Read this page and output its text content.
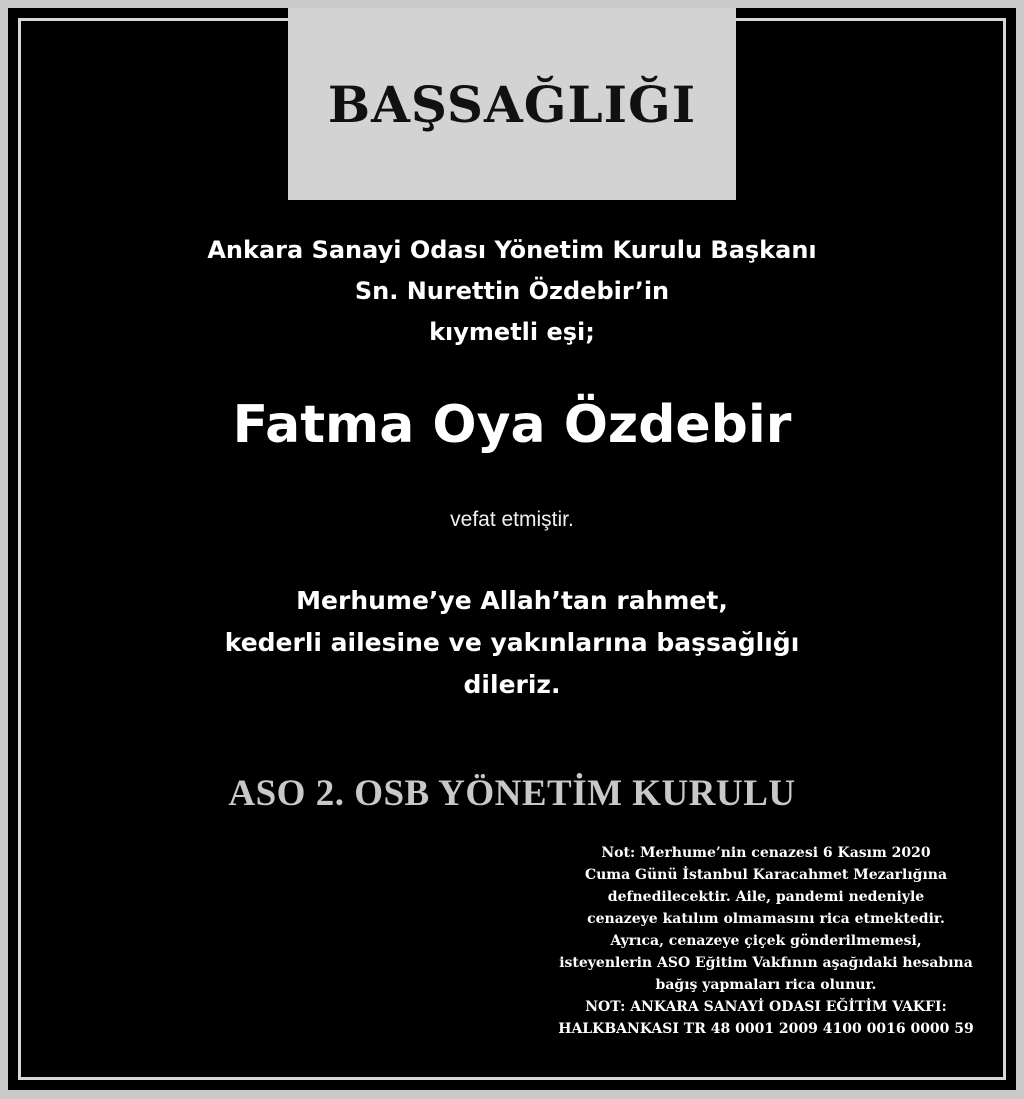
BAŞSAĞLIĞI
Ankara Sanayi Odası Yönetim Kurulu Başkanı
Sn. Nurettin Özdebir’in
kıymetli eşi;
Fatma Oya Özdebir
vefat etmiştir.
Merhume’ye Allah’tan rahmet,
kederli ailesine ve yakınlarına başsağlığı
dileriz.
ASO 2. OSB YÖNETİM KURULU
Not: Merhume’nin cenazesi 6 Kasım 2020
Cuma Günü İstanbul Karacahmet Mezarlığına
defnedilecektir. Aile, pandemi nedeniyle
cenazeye katılım olmamasını rica etmektedir.
Ayrıca, cenazeye çiçek gönderilmemesi,
isteyenlerin ASO Eğitim Vakfının aşağıdaki hesabına
bağış yapmaları rica olunur.
NOT: ANKARA SANAYİ ODASI EĞİTİM VAKFI:
HALKBANKASI TR 48 0001 2009 4100 0016 0000 59
